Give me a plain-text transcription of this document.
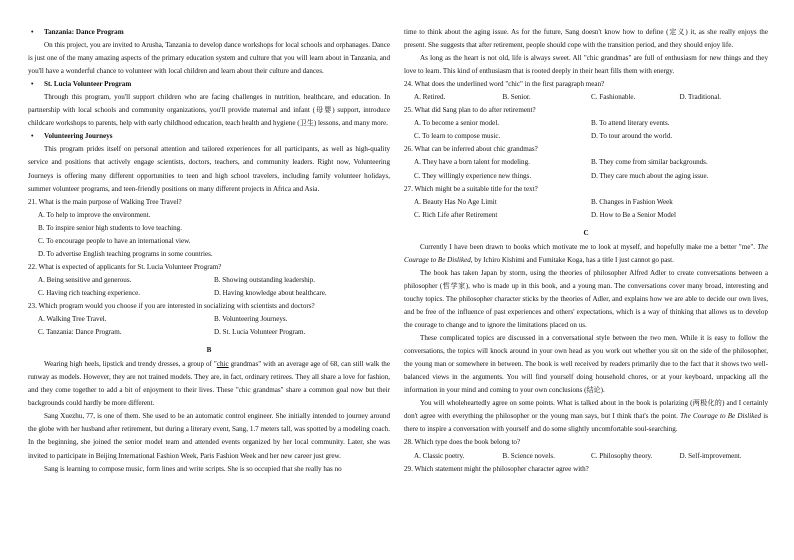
• Tanzania: Dance Program

On this project, you are invited to Arusha, Tanzania to develop dance workshops for local schools and orphanages. Dance is just one of the many amazing aspects of the primary education system and culture that you will learn about in Tanzania, and you'll have a wonderful chance to volunteer with local children and learn about their culture and dances.

• St. Lucia Volunteer Program

Through this program, you'll support children who are facing challenges in nutrition, healthcare, and education. In partnership with local schools and community organizations, you'll provide maternal and infant (母婴) support, introduce childcare workshops to parents, help with early childhood education, teach health and hygiene (卫生) lessons, and many more.

• Volunteering Journeys

This program prides itself on personal attention and tailored experiences for all participants, as well as high-quality service and positions that actively engage scientists, doctors, teachers, and community leaders. Right now, Volunteering Journeys is offering many different opportunities to teen and high school travelers, including family volunteer holidays, summer volunteer programs, and teen-friendly positions on many different projects in Africa and Asia.

21. What is the main purpose of Walking Tree Travel?

A. To help to improve the environment.
B. To inspire senior high students to love teaching.
C. To encourage people to have an international view.
D. To advertise English teaching programs in some countries.

22. What is expected of applicants for St. Lucia Volunteer Program?

A. Being sensitive and generous.	B. Showing outstanding leadership.
C. Having rich teaching experience.	D. Having knowledge about healthcare.

23. Which program would you choose if you are interested in socializing with scientists and doctors?

A. Walking Tree Travel.	B. Volunteering Journeys.
C. Tanzania: Dance Program.	D. St. Lucia Volunteer Program.

B

Wearing high heels, lipstick and trendy dresses, a group of "chic grandmas" with an average age of 68, can still walk the runway as models. However, they are not trained models. They are, in fact, ordinary retirees. They all share a love for fashion, and they come together to add a bit of enjoyment to their lives. These "chic grandmas" share a common goal now but their backgrounds could hardly be more different.

Sang Xuezhu, 77, is one of them. She used to be an automatic control engineer. She initially intended to journey around the globe with her husband after retirement, but during a literary event, Sang, 1.7 meters tall, was spotted by a modeling coach. In the beginning, she joined the senior model team and attended events organized by her local community. Later, she was invited to participate in Beijing International Fashion Week, Paris Fashion Week and her new career just grew.

Sang is learning to compose music, form lines and write scripts. She is so occupied that she really has no

time to think about the aging issue. As for the future, Sang doesn't know how to define (定义) it, as she really enjoys the present. She suggests that after retirement, people should cope with the transition period, and they should enjoy life.

As long as the heart is not old, life is always sweet. All "chic grandmas" are full of enthusiasm for new things and they love to learn. This kind of enthusiasm that is rooted deeply in their heart fills them with energy.

24. What does the underlined word "chic" in the first paragraph mean?

A. Retired.	B. Senior.	C. Fashionable.	D. Traditional.

25. What did Sang plan to do after retirement?

A. To become a senior model.	B. To attend literary events.
C. To learn to compose music.	D. To tour around the world.

26. What can be inferred about chic grandmas?

A. They have a born talent for modeling.	B. They come from similar backgrounds.
C. They willingly experience new things.	D. They care much about the aging issue.

27. Which might be a suitable title for the text?

A. Beauty Has No Age Limit	B. Changes in Fashion Week
C. Rich Life after Retirement	D. How to Be a Senior Model

C

Currently I have been drawn to books which motivate me to look at myself, and hopefully make me a better "me". The Courage to Be Disliked, by Ichiro Kishimi and Fumitake Koga, has a title I just cannot go past.

The book has taken Japan by storm, using the theories of philosopher Alfred Adler to create conversations between a philosopher (哲学家), who is made up in this book, and a young man. The conversations cover many broad, interesting and touchy topics. The philosopher character sticks by the theories of Adler, and explains how we are able to decide our own lives, and be free of the influence of past experiences and others' expectations, which is a way of thinking that allows us to develop the courage to change and to ignore the limitations placed on us.

These complicated topics are discussed in a conversational style between the two men. While it is easy to follow the conversations, the topics will knock around in your own head as you work out whether you sit on the side of the philosopher, the young man or somewhere in between. The book is well received by readers primarily due to the fact that it shows two well-balanced views in the arguments. You will find yourself doing household chores, or at your keyboard, unpacking all the information in your mind and coming to your own conclusions (结论).

You will wholeheartedly agree on some points. What is talked about in the book is polarizing (两极化的) and I certainly don't agree with everything the philosopher or the young man says, but I think that's the point. The Courage to Be Disliked is there to inspire a conversation with yourself and do some slightly uncomfortable soul-searching.

28. Which type does the book belong to?

A. Classic poetry.	B. Science novels.	C. Philosophy theory.	D. Self-improvement.

29. Which statement might the philosopher character agree with?
